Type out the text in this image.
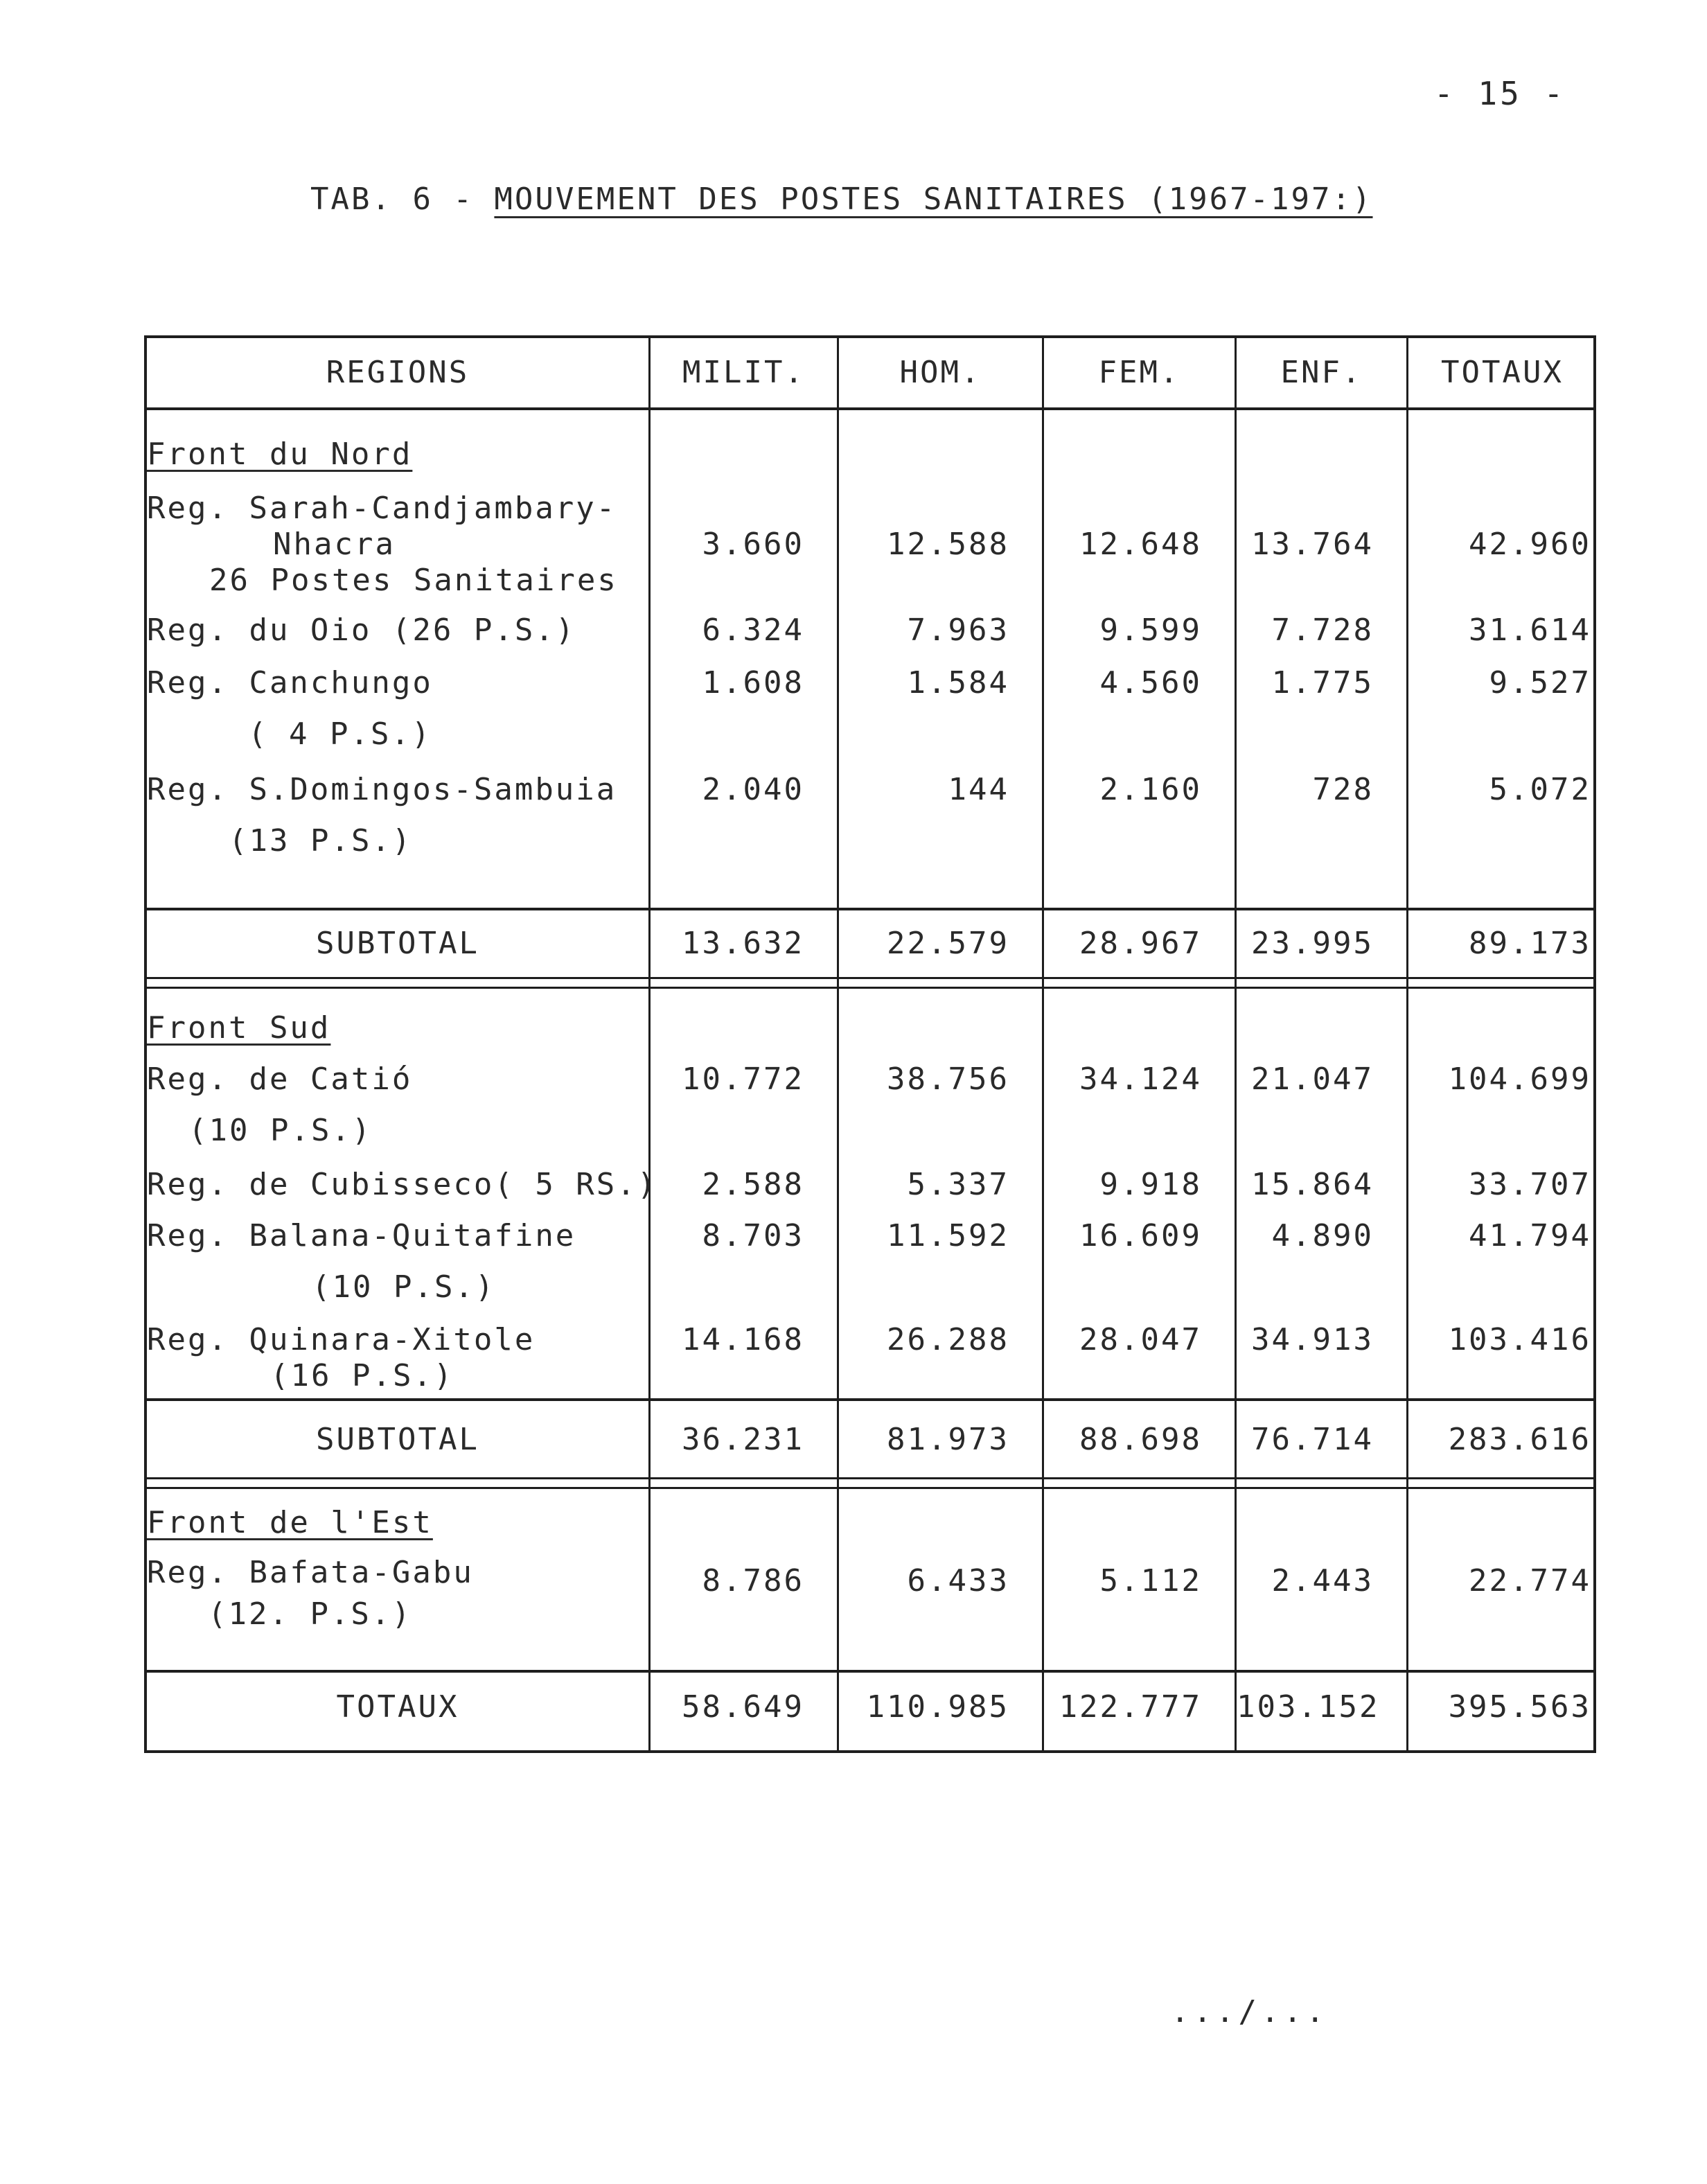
- 15 -
TAB. 6 - MOUVEMENT DES POSTES SANITAIRES (1967-197:)
REGIONS	MILIT.	HOM.	FEM.	ENF.	TOTAUX
Front du Nord
Reg. Sarah-Candjambary-
Nhacra
26 Postes Sanitaires
3.660	12.588	12.648	13.764	42.960
Reg. du Oio (26 P.S.)	6.324	7.963	9.599	7.728	31.614
Reg. Canchungo
( 4 P.S.)
1.608	1.584	4.560	1.775	9.527
Reg. S.Domingos-Sambuia
(13 P.S.)
2.040	144	2.160	728	5.072
SUBTOTAL	13.632	22.579	28.967	23.995	89.173
Front Sud
Reg. de Catió
(10 P.S.)
10.772	38.756	34.124	21.047	104.699
Reg. de Cubisseco( 5 RS.)	2.588	5.337	9.918	15.864	33.707
Reg. Balana-Quitafine
(10 P.S.)
8.703	11.592	16.609	4.890	41.794
Reg. Quinara-Xitole
(16 P.S.)
14.168	26.288	28.047	34.913	103.416
SUBTOTAL	36.231	81.973	88.698	76.714	283.616
Front de l'Est
Reg. Bafata-Gabu
(12. P.S.)
8.786	6.433	5.112	2.443	22.774
TOTAUX	58.649	110.985	122.777 103.152	395.563
.../...
